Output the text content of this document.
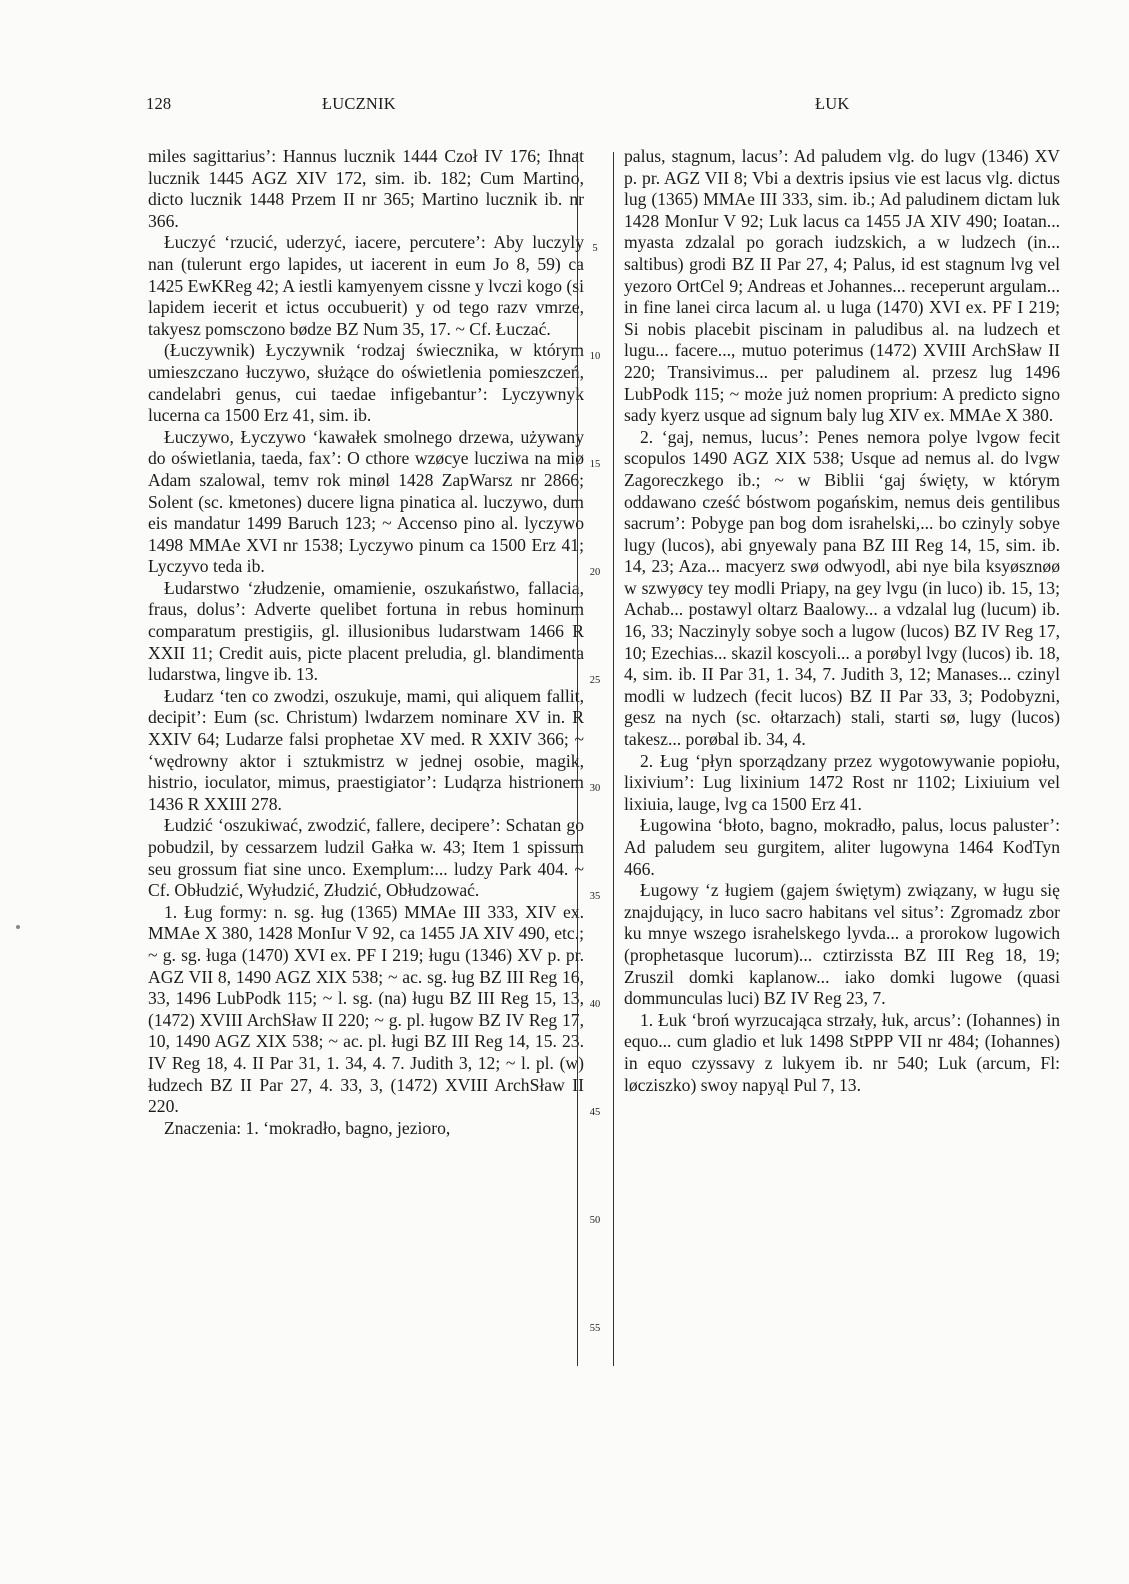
128	ŁUCZNIK	ŁUK

miles sagittarius’: Hannus lucznik 1444 Czoł IV 176; Ihnat lucznik 1445 AGZ XIV 172, sim. ib. 182; Cum Martino, dicto lucznik 1448 Przem II nr 365; Martino lucznik ib. nr 366.

Łuczyć ‘rzucić, uderzyć, iacere, percutere’: Aby luczyly nan (tulerunt ergo lapides, ut iacerent in eum Jo 8, 59) ca 1425 EwKReg 42; A iestli kamyenyem cissne y lvczi kogo (si lapidem iecerit et ictus occubuerit) y od tego razv vmrze, takyesz pomsczono bødze BZ Num 35, 17. ~ Cf. Łuczać.

(Łuczywnik) Łyczywnik ‘rodzaj świecznika, w którym umieszczano łuczywo, służące do oświetlenia pomieszczeń, candelabri genus, cui taedae infigebantur’: Lyczywnyk lucerna ca 1500 Erz 41, sim. ib.

Łuczywo, Łyczywo ‘kawałek smolnego drzewa, używany do oświetlania, taeda, fax’: O cthore wzøcye lucziwa na miø Adam szalowal, temv rok minøl 1428 ZapWarsz nr 2866; Solent (sc. kmetones) ducere ligna pinatica al. luczywo, dum eis mandatur 1499 Baruch 123; ~ Accenso pino al. lyczywo 1498 MMAe XVI nr 1538; Lyczywo pinum ca 1500 Erz 41; Lyczyvo teda ib.

Łudarstwo ‘złudzenie, omamienie, oszukaństwo, fallacia, fraus, dolus’: Adverte quelibet fortuna in rebus hominum comparatum prestigiis, gl. illusionibus ludarstwam 1466 R XXII 11; Credit auis, picte placent preludia, gl. blandimenta ludarstwa, lingve ib. 13.

Łudarz ‘ten co zwodzi, oszukuje, mami, qui aliquem fallit, decipit’: Eum (sc. Christum) lwdarzem nominare XV in. R XXIV 64; Ludarze falsi prophetae XV med. R XXIV 366; ~ ‘wędrowny aktor i sztukmistrz w jednej osobie, magik, histrio, ioculator, mimus, praestigiator’: Ludąrza histrionem 1436 R XXIII 278.

Łudzić ‘oszukiwać, zwodzić, fallere, decipere’: Schatan go pobudzil, by cessarzem ludzil Gałka w. 43; Item 1 spissum seu grossum fiat sine unco. Exemplum:... ludzy Park 404. ~ Cf. Obłudzić, Wyłudzić, Złudzić, Obłudzować.

1. Ług formy: n. sg. ług (1365) MMAe III 333, XIV ex. MMAe X 380, 1428 MonIur V 92, ca 1455 JA XIV 490, etc.; ~ g. sg. ługa (1470) XVI ex. PF I 219; ługu (1346) XV p. pr. AGZ VII 8, 1490 AGZ XIX 538; ~ ac. sg. ług BZ III Reg 16, 33, 1496 LubPodk 115; ~ l. sg. (na) ługu BZ III Reg 15, 13, (1472) XVIII ArchSław II 220; ~ g. pl. ługow BZ IV Reg 17, 10, 1490 AGZ XIX 538; ~ ac. pl. ługi BZ III Reg 14, 15. 23. IV Reg 18, 4. II Par 31, 1. 34, 4. 7. Judith 3, 12; ~ l. pl. (w) łudzech BZ II Par 27, 4. 33, 3, (1472) XVIII ArchSław II 220.

Znaczenia: 1. ‘mokradło, bagno, jezioro,

5
10
15
20
25
30
35
40
45
50
55

palus, stagnum, lacus’: Ad paludem vlg. do lugv (1346) XV p. pr. AGZ VII 8; Vbi a dextris ipsius vie est lacus vlg. dictus lug (1365) MMAe III 333, sim. ib.; Ad paludinem dictam luk 1428 MonIur V 92; Luk lacus ca 1455 JA XIV 490; Ioatan... myasta zdzalal po gorach iudzskich, a w ludzech (in... saltibus) grodi BZ II Par 27, 4; Palus, id est stagnum lvg vel yezoro OrtCel 9; Andreas et Johannes... receperunt argulam... in fine lanei circa lacum al. u luga (1470) XVI ex. PF I 219; Si nobis placebit piscinam in paludibus al. na ludzech et lugu... facere..., mutuo poterimus (1472) XVIII ArchSław II 220; Transivimus... per paludinem al. przesz lug 1496 LubPodk 115; ~ może już nomen proprium: A predicto signo sady kyerz usque ad signum baly lug XIV ex. MMAe X 380.

2. ‘gaj, nemus, lucus’: Penes nemora polye lvgow fecit scopulos 1490 AGZ XIX 538; Usque ad nemus al. do lvgw Zagoreczkego ib.; ~ w Biblii ‘gaj święty, w którym oddawano cześć bóstwom pogańskim, nemus deis gentilibus sacrum’: Pobyge pan bog dom israhelski,... bo czinyly sobye lugy (lucos), abi gnyewaly pana BZ III Reg 14, 15, sim. ib. 14, 23; Aza... macyerz swø odwyodl, abi nye bila ksyøsznøø w szwyøcy tey modli Priapy, na gey lvgu (in luco) ib. 15, 13; Achab... postawyl oltarz Baalowy... a vdzalal lug (lucum) ib. 16, 33; Naczinyly sobye soch a lugow (lucos) BZ IV Reg 17, 10; Ezechias... skazil koscyoli... a porøbyl lvgy (lucos) ib. 18, 4, sim. ib. II Par 31, 1. 34, 7. Judith 3, 12; Manases... czinyl modli w ludzech (fecit lucos) BZ II Par 33, 3; Podobyzni, gesz na nych (sc. ołtarzach) stali, starti sø, lugy (lucos) takesz... porøbal ib. 34, 4.

2. Ług ‘płyn sporządzany przez wygotowywanie popiołu, lixivium’: Lug lixinium 1472 Rost nr 1102; Lixiuium vel lixiuia, lauge, lvg ca 1500 Erz 41.

Ługowina ‘błoto, bagno, mokradło, palus, locus paluster’: Ad paludem seu gurgitem, aliter lugowyna 1464 KodTyn 466.

Ługowy ‘z ługiem (gajem świętym) związany, w ługu się znajdujący, in luco sacro habitans vel situs’: Zgromadz zbor ku mnye wszego israhelskego lyvda... a prorokow lugowich (prophetasque lucorum)... cztirzissta BZ III Reg 18, 19; Zruszil domki kaplanow... iako domki lugowe (quasi dommunculas luci) BZ IV Reg 23, 7.

1. Łuk ‘broń wyrzucająca strzały, łuk, arcus’: (Iohannes) in equo... cum gladio et luk 1498 StPPP VII nr 484; (Iohannes) in equo czyssavy z lukyem ib. nr 540; Luk (arcum, Fl: løcziszko) swoy napyąl Pul 7, 13.
